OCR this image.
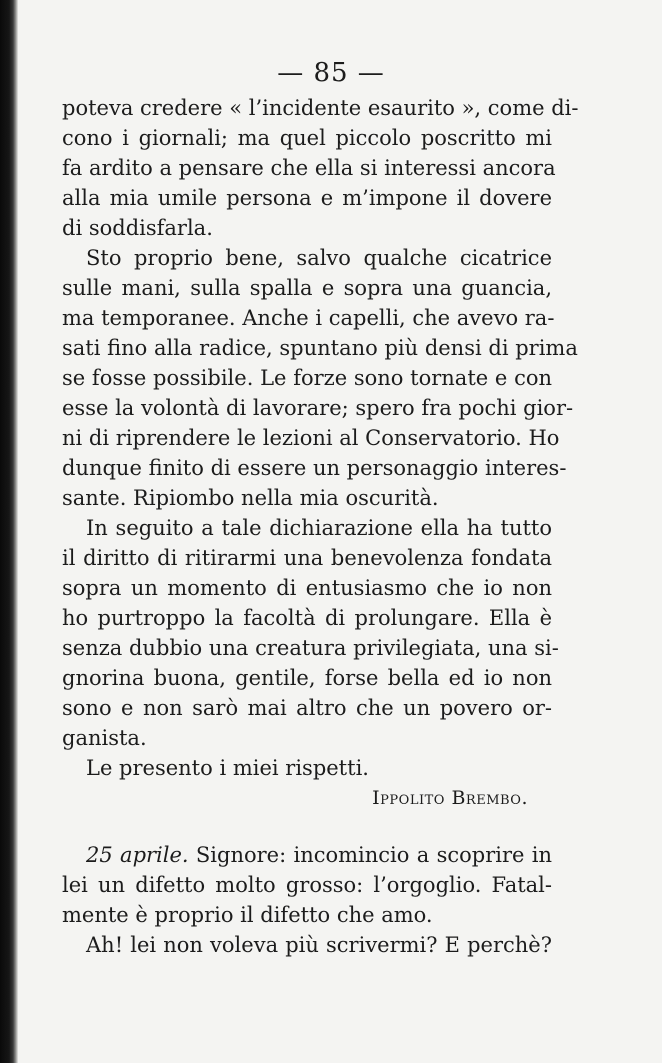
— 85 —
poteva credere « l’incidente esaurito », come di-
cono i giornali; ma quel piccolo poscritto mi
fa ardito a pensare che ella si interessi ancora
alla mia umile persona e m’impone il dovere
di soddisfarla.
Sto proprio bene, salvo qualche cicatrice
sulle mani, sulla spalla e sopra una guancia,
ma temporanee. Anche i capelli, che avevo ra-
sati fino alla radice, spuntano più densi di prima
se fosse possibile. Le forze sono tornate e con
esse la volontà di lavorare; spero fra pochi gior-
ni di riprendere le lezioni al Conservatorio. Ho
dunque finito di essere un personaggio interes-
sante. Ripiombo nella mia oscurità.
In seguito a tale dichiarazione ella ha tutto
il diritto di ritirarmi una benevolenza fondata
sopra un momento di entusiasmo che io non
ho purtroppo la facoltà di prolungare. Ella è
senza dubbio una creatura privilegiata, una si-
gnorina buona, gentile, forse bella ed io non
sono e non sarò mai altro che un povero or-
ganista.
Le presento i miei rispetti.
Ippolito Brembo.
25 aprile. Signore: incomincio a scoprire in
lei un difetto molto grosso: l’orgoglio. Fatal-
mente è proprio il difetto che amo.
Ah! lei non voleva più scrivermi? E perchè?
